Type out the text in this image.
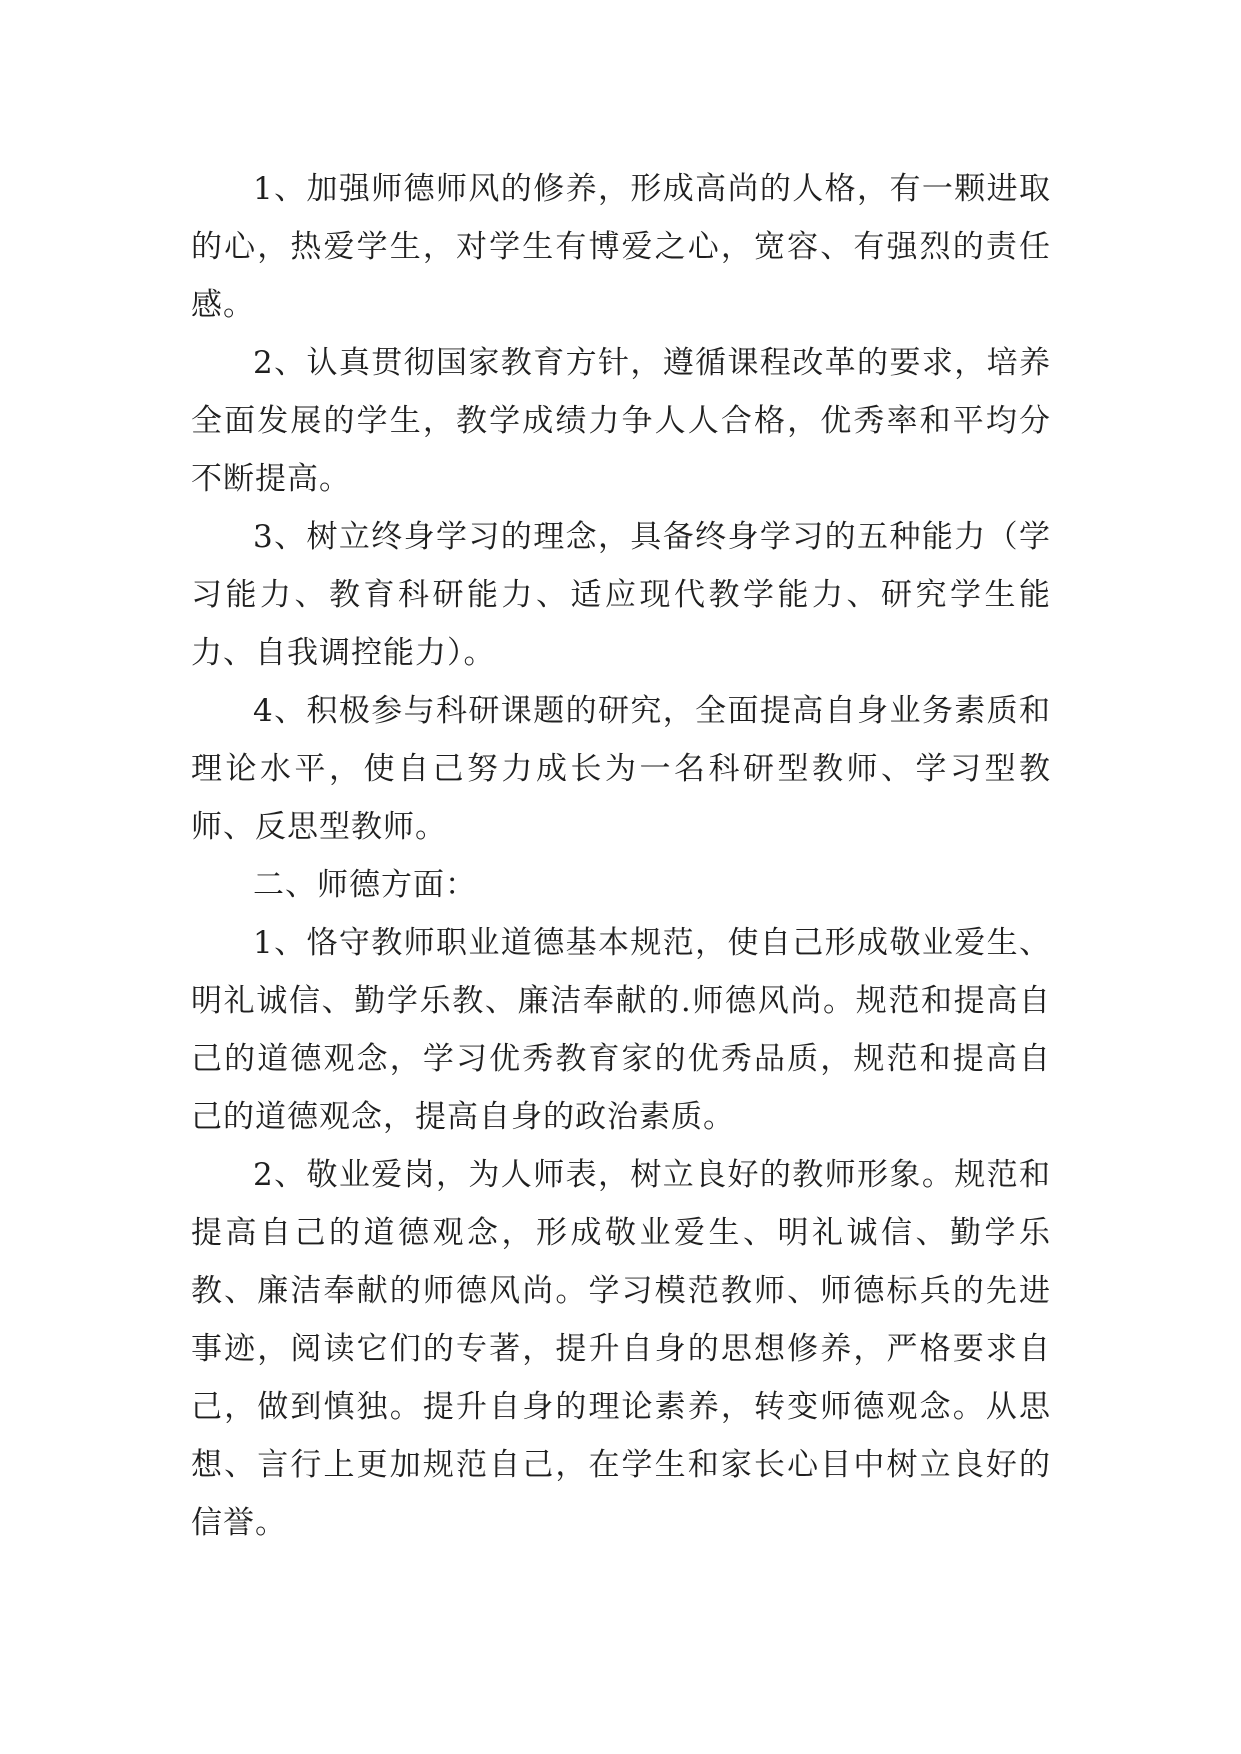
1、加强师德师风的修养，形成高尚的人格，有一颗进取的心，热爱学生，对学生有博爱之心，宽容、有强烈的责任感。

2、认真贯彻国家教育方针，遵循课程改革的要求，培养全面发展的学生，教学成绩力争人人合格，优秀率和平均分不断提高。

3、树立终身学习的理念，具备终身学习的五种能力（学习能力、教育科研能力、适应现代教学能力、研究学生能力、自我调控能力）。

4、积极参与科研课题的研究，全面提高自身业务素质和理论水平，使自己努力成长为一名科研型教师、学习型教师、反思型教师。

二、师德方面：

1、恪守教师职业道德基本规范，使自己形成敬业爱生、明礼诚信、勤学乐教、廉洁奉献的.师德风尚。规范和提高自己的道德观念，学习优秀教育家的优秀品质，规范和提高自己的道德观念，提高自身的政治素质。

2、敬业爱岗，为人师表，树立良好的教师形象。规范和提高自己的道德观念，形成敬业爱生、明礼诚信、勤学乐教、廉洁奉献的师德风尚。学习模范教师、师德标兵的先进事迹，阅读它们的专著，提升自身的思想修养，严格要求自己，做到慎独。提升自身的理论素养，转变师德观念。从思想、言行上更加规范自己，在学生和家长心目中树立良好的信誉。
